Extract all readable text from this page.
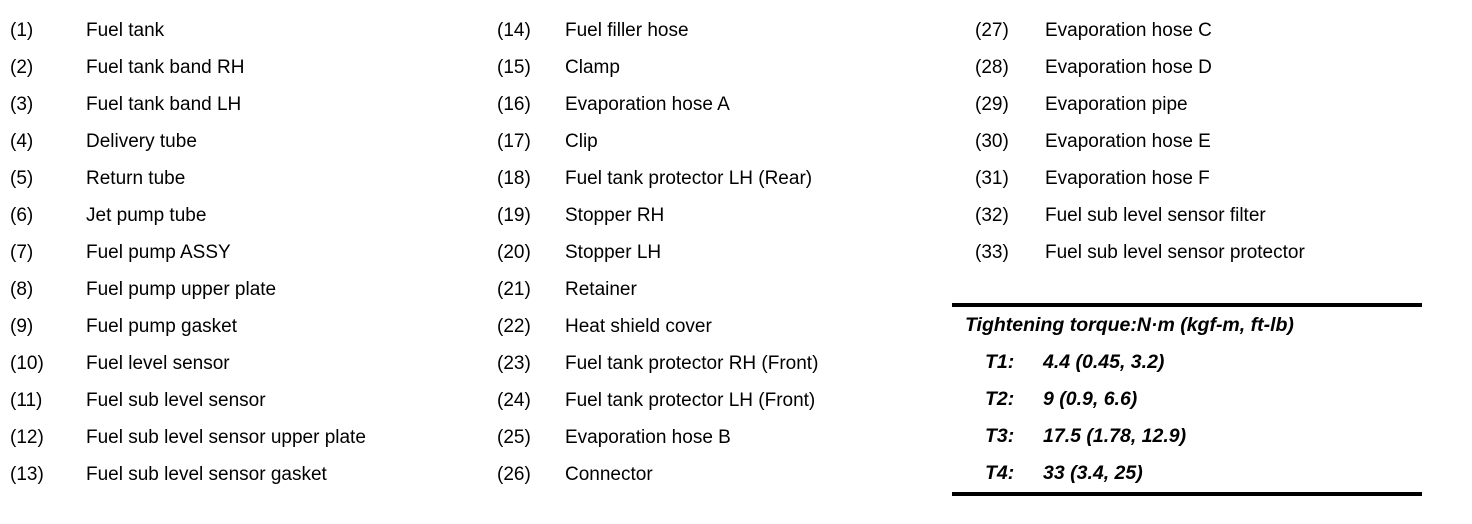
(1)	Fuel tank
(2)	Fuel tank band RH
(3)	Fuel tank band LH
(4)	Delivery tube
(5)	Return tube
(6)	Jet pump tube
(7)	Fuel pump ASSY
(8)	Fuel pump upper plate
(9)	Fuel pump gasket
(10)	Fuel level sensor
(11)	Fuel sub level sensor
(12)	Fuel sub level sensor upper plate
(13)	Fuel sub level sensor gasket
(14)	Fuel filler hose
(15)	Clamp
(16)	Evaporation hose A
(17)	Clip
(18)	Fuel tank protector LH (Rear)
(19)	Stopper RH
(20)	Stopper LH
(21)	Retainer
(22)	Heat shield cover
(23)	Fuel tank protector RH (Front)
(24)	Fuel tank protector LH (Front)
(25)	Evaporation hose B
(26)	Connector
(27)	Evaporation hose C
(28)	Evaporation hose D
(29)	Evaporation pipe
(30)	Evaporation hose E
(31)	Evaporation hose F
(32)	Fuel sub level sensor filter
(33)	Fuel sub level sensor protector
Tightening torque:N·m (kgf-m, ft-lb)
T1:	4.4 (0.45, 3.2)
T2:	9 (0.9, 6.6)
T3:	17.5 (1.78, 12.9)
T4:	33 (3.4, 25)
